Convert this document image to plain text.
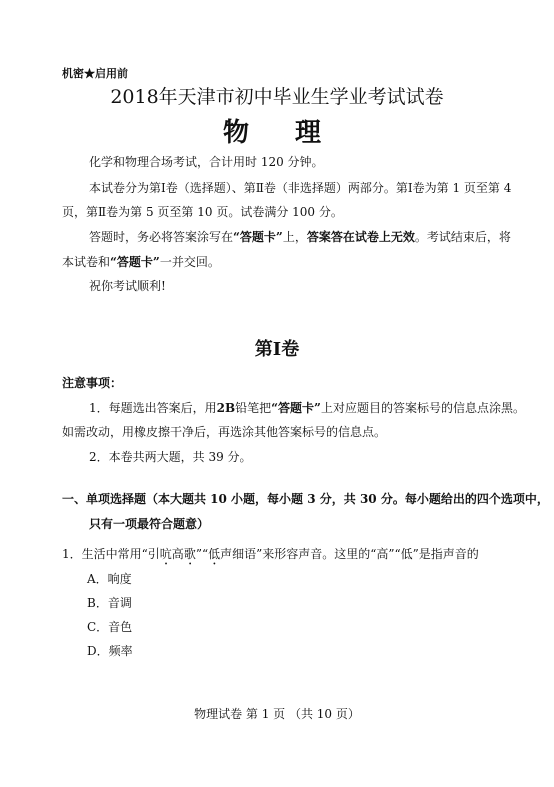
机密★启用前
2018年天津市初中毕业生学业考试试卷
物　理
化学和物理合场考试，合计用时 120 分钟。
本试卷分为第Ⅰ卷（选择题）、第Ⅱ卷（非选择题）两部分。第Ⅰ卷为第 1 页至第 4
页，第Ⅱ卷为第 5 页至第 10 页。试卷满分 100 分。
答题时，务必将答案涂写在“答题卡”上，答案答在试卷上无效。考试结束后，将
本试卷和“答题卡”一并交回。
祝你考试顺利!
第Ⅰ卷
注意事项：
1．每题选出答案后，用2B铅笔把“答题卡”上对应题目的答案标号的信息点涂黑。
如需改动，用橡皮擦干净后，再选涂其他答案标号的信息点。
2．本卷共两大题，共 39 分。
一、单项选择题（本大题共 10 小题，每小题 3 分，共 30 分。每小题给出的四个选项中，
只有一项最符合题意）
1．生活中常用“引吭高歌”“低声细语”来形容声音。这里的“高”“低”是指声音的
A．响度
B．音调
C．音色
D．频率
物理试卷 第 1 页 （共 10 页）
